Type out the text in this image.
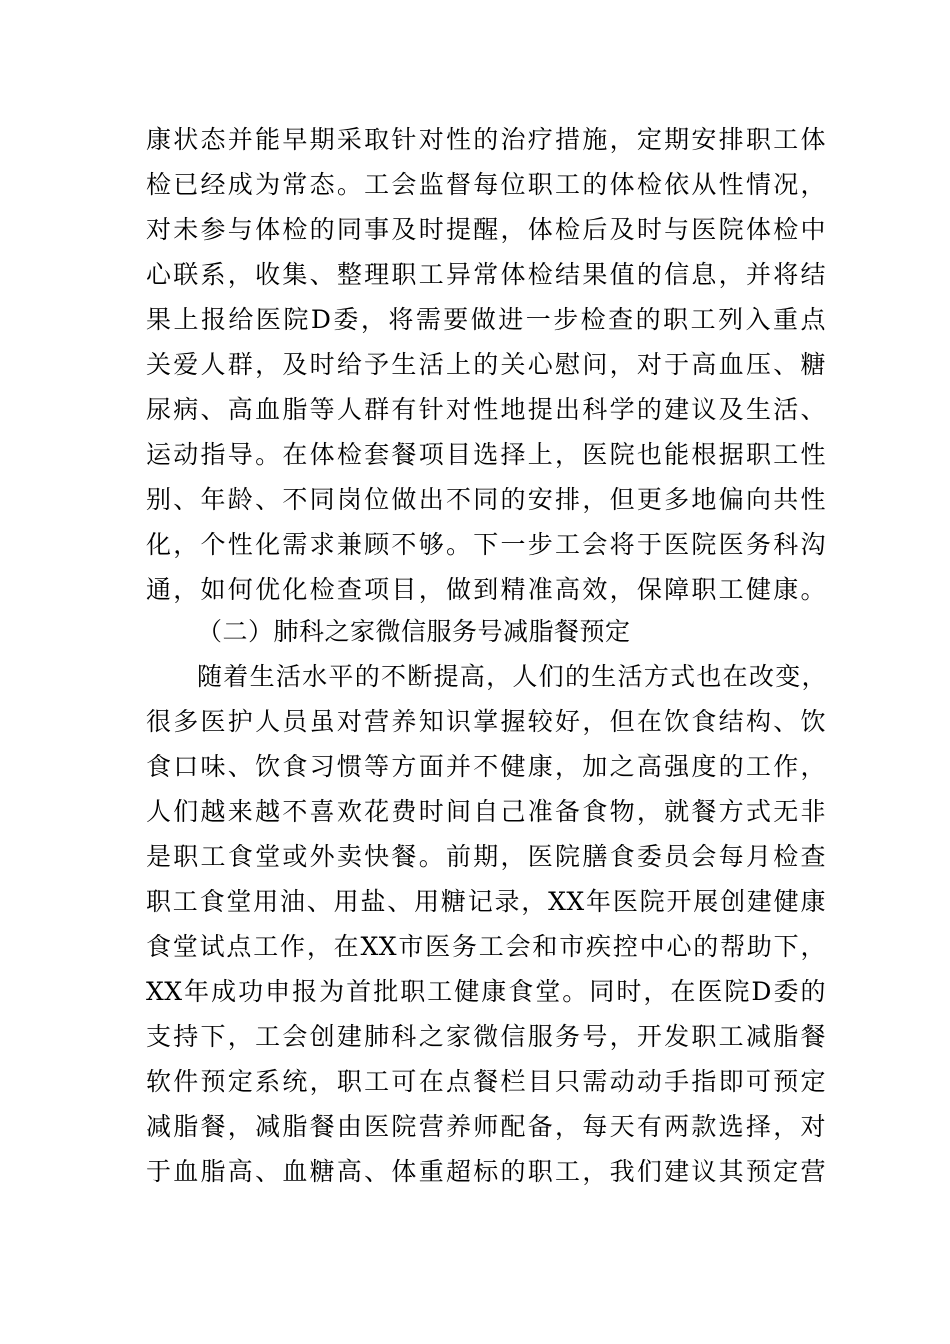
康状态并能早期采取针对性的治疗措施，定期安排职工体
检已经成为常态。工会监督每位职工的体检依从性情况，
对未参与体检的同事及时提醒，体检后及时与医院体检中
心联系，收集、整理职工异常体检结果值的信息，并将结
果上报给医院D委，将需要做进一步检查的职工列入重点
关爱人群，及时给予生活上的关心慰问，对于高血压、糖
尿病、高血脂等人群有针对性地提出科学的建议及生活、
运动指导。在体检套餐项目选择上，医院也能根据职工性
别、年龄、不同岗位做出不同的安排，但更多地偏向共性
化，个性化需求兼顾不够。下一步工会将于医院医务科沟
通，如何优化检查项目，做到精准高效，保障职工健康。
（二）肺科之家微信服务号减脂餐预定
随着生活水平的不断提高，人们的生活方式也在改变，
很多医护人员虽对营养知识掌握较好，但在饮食结构、饮
食口味、饮食习惯等方面并不健康，加之高强度的工作，
人们越来越不喜欢花费时间自己准备食物，就餐方式无非
是职工食堂或外卖快餐。前期，医院膳食委员会每月检查
职工食堂用油、用盐、用糖记录，XX年医院开展创建健康
食堂试点工作，在XX市医务工会和市疾控中心的帮助下，
XX年成功申报为首批职工健康食堂。同时，在医院D委的
支持下，工会创建肺科之家微信服务号，开发职工减脂餐
软件预定系统，职工可在点餐栏目只需动动手指即可预定
减脂餐，减脂餐由医院营养师配备，每天有两款选择，对
于血脂高、血糖高、体重超标的职工，我们建议其预定营
